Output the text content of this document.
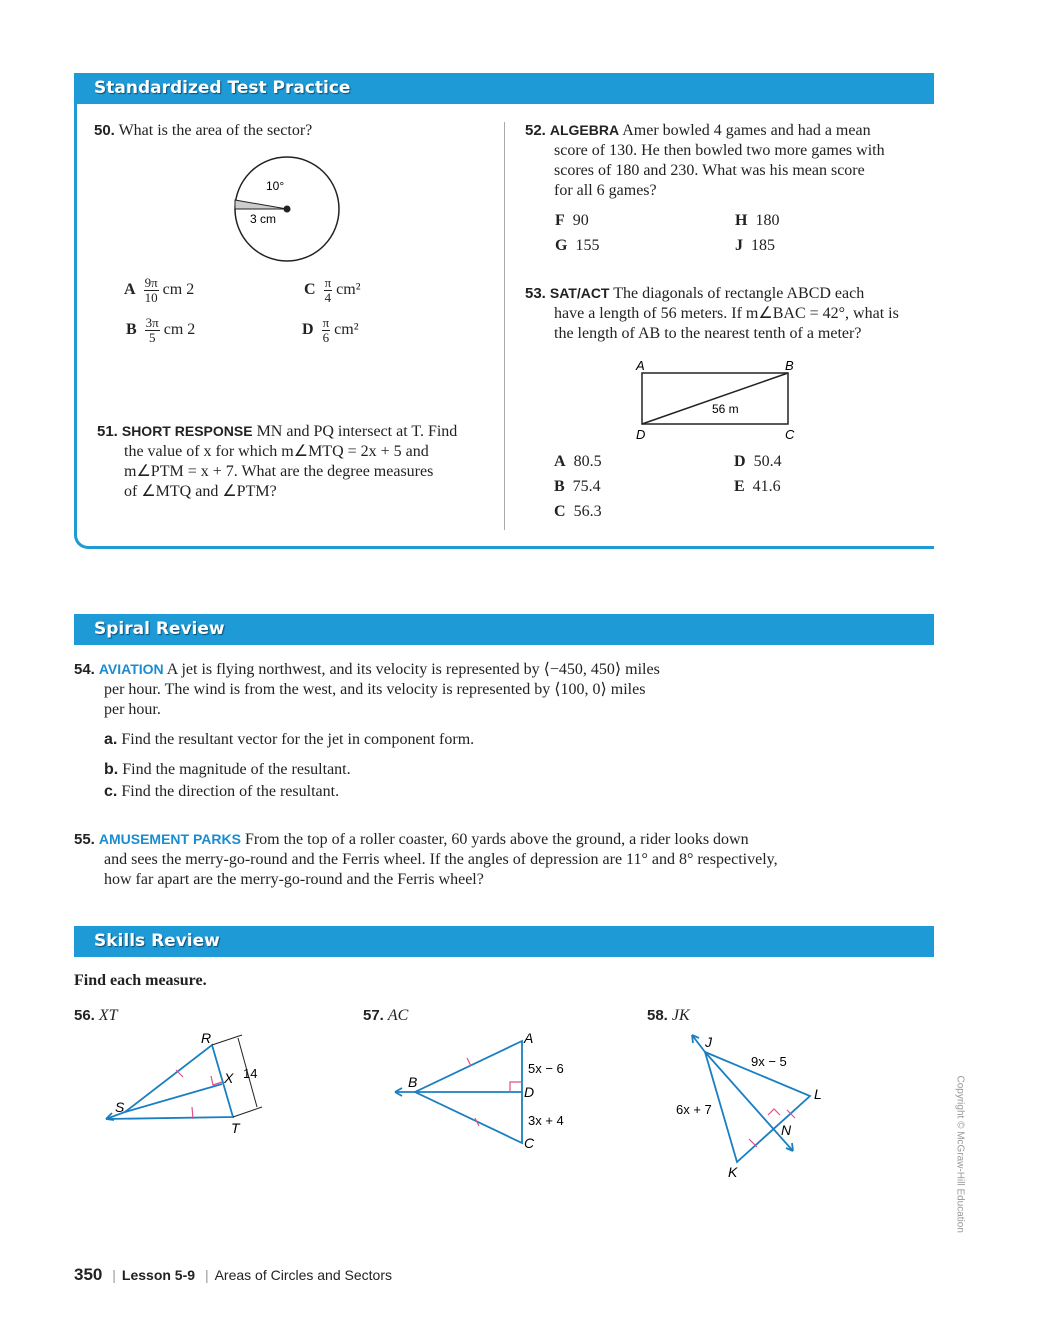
Standardized Test Practice
50. What is the area of the sector?
10°
3 cm
A $\frac{9\pi}{10}$ cm 2
B $\frac{3\pi}{5}$ cm 2
C $\frac{\pi}{4} cm^2$
D $\frac{\pi}{6} cm^2$
51. SHORT RESPONSE MN and PQ intersect at T. Find
the value of x for which m∠MTQ = 2x + 5 and
m∠PTM = x + 7. What are the degree measures
of ∠MTQ and ∠PTM?
52. ALGEBRA Amer bowled 4 games and had a mean
score of 130. He then bowled two more games with
scores of 180 and 230. What was his mean score
for all 6 games?
F 90
G 155
H 180
J 185
53. SAT/ACT The diagonals of rectangle ABCD each
have a length of 56 meters. If m∠BAC = 42°, what is
the length of AB to the nearest tenth of a meter?
A	B
D	C
56 m
A 80.5
B 75.4
C 56.3
D 50.4
E 41.6
Spiral Review
54. AVIATION A jet is flying northwest, and its velocity is represented by ⟨−450, 450⟩ miles
per hour. The wind is from the west, and its velocity is represented by ⟨100, 0⟩ miles
per hour.
a. Find the resultant vector for the jet in component form.
b. Find the magnitude of the resultant.
c. Find the direction of the resultant.
55. AMUSEMENT PARKS From the top of a roller coaster, 60 yards above the ground, a rider looks down
and sees the merry-go-round and the Ferris wheel. If the angles of depression are 11° and 8° respectively,
how far apart are the merry-go-round and the Ferris wheel?
Skills Review
Find each measure.
56. XT	57. AC	58. JK
R
S
T
X 14
A
B
C
D
5x − 6
3x + 4
J
L
N
K
9x − 5
6x + 7
350 | Lesson 5-9 | Areas of Circles and Sectors
Copyright © McGraw-Hill Education
